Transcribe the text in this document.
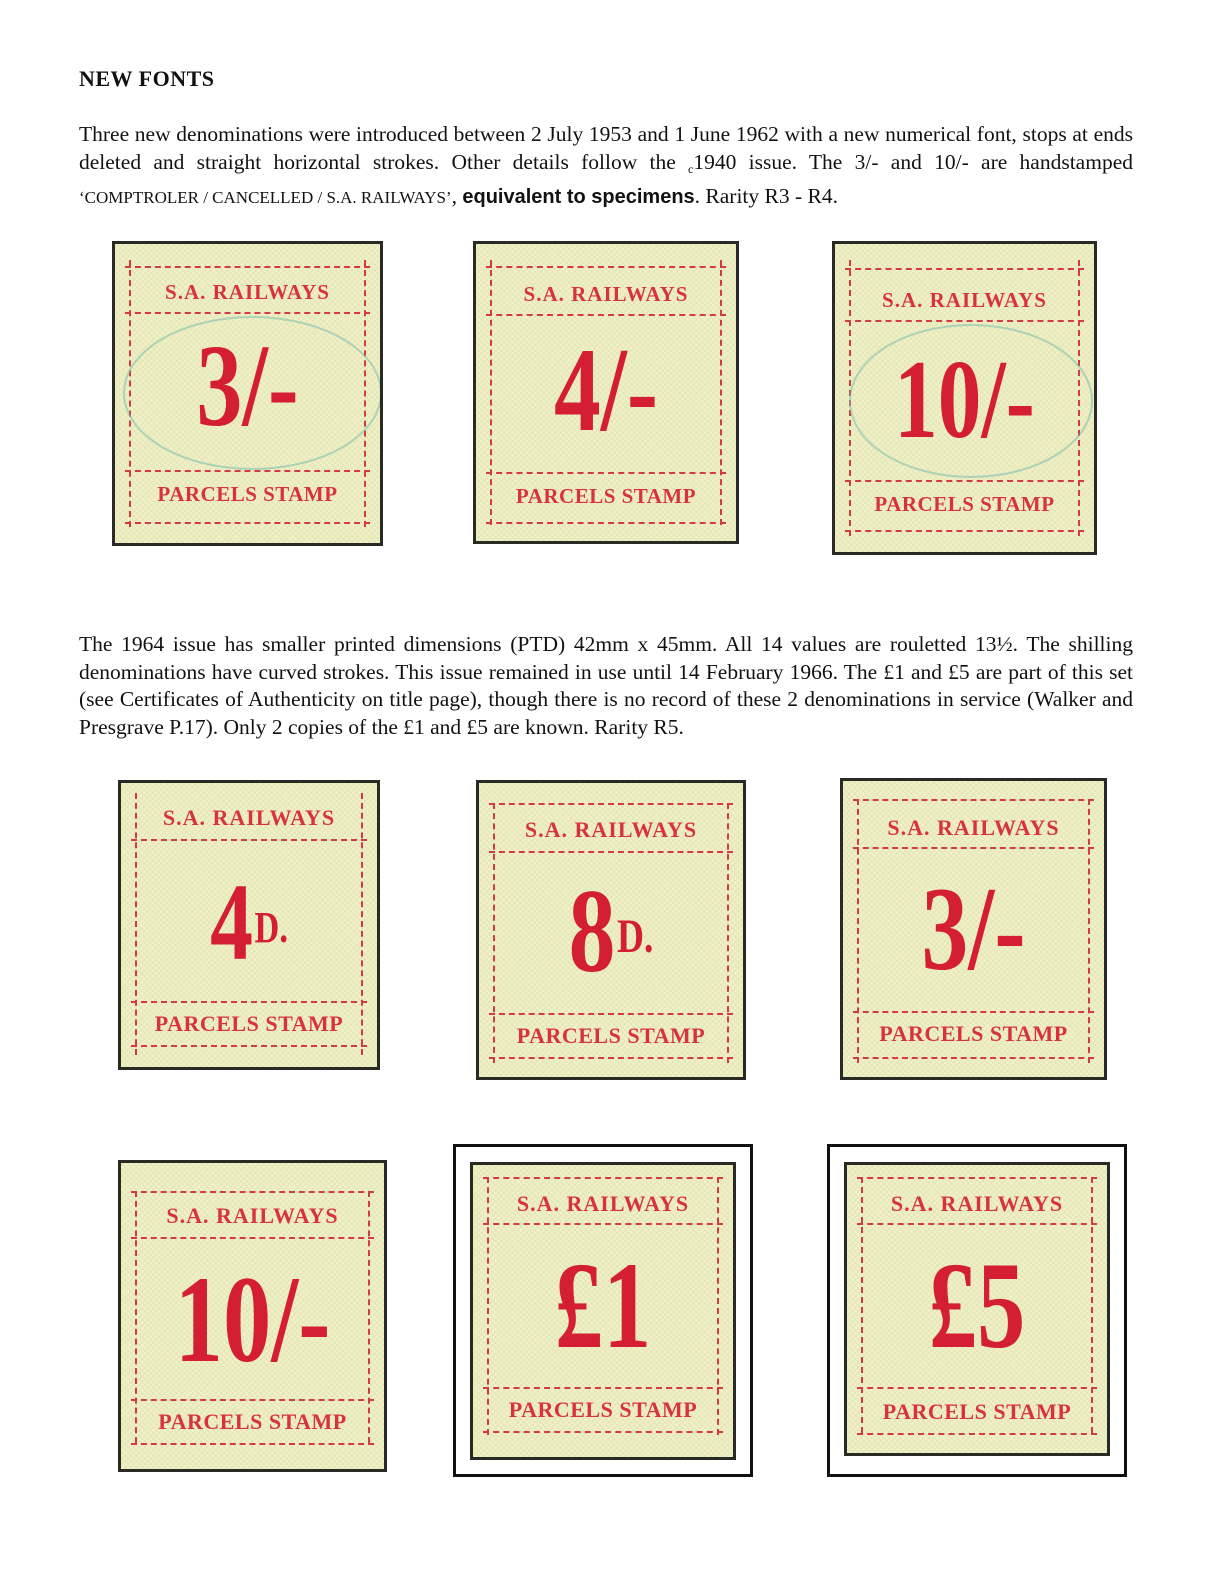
NEW FONTS

Three new denominations were introduced between 2 July 1953 and 1 June 1962 with a new numerical font, stops at ends deleted and straight horizontal strokes. Other details follow the $_c$1940 issue. The 3/- and 10/- are handstamped ‘COMPTROLER / CANCELLED / S.A. RAILWAYS’, equivalent to specimens. Rarity R3 - R4.

The 1964 issue has smaller printed dimensions (PTD) 42mm x 45mm. All 14 values are rouletted 13½. The shilling denominations have curved strokes. This issue remained in use until 14 February 1966. The £1 and £5 are part of this set (see Certificates of Authenticity on title page), though there is no record of these 2 denominations in service (Walker and Presgrave P.17). Only 2 copies of the £1 and £5 are known. Rarity R5.

S.A. RAILWAYS
3/-
PARCELS STAMP
S.A. RAILWAYS
4/-
PARCELS STAMP
S.A. RAILWAYS
10/-
PARCELS STAMP
S.A. RAILWAYS
$4^{D.}$
PARCELS STAMP
S.A. RAILWAYS
$8^{D.}$
PARCELS STAMP
S.A. RAILWAYS
3/-
PARCELS STAMP
S.A. RAILWAYS
10/-
PARCELS STAMP
S.A. RAILWAYS
£1
PARCELS STAMP
S.A. RAILWAYS
£5
PARCELS STAMP
